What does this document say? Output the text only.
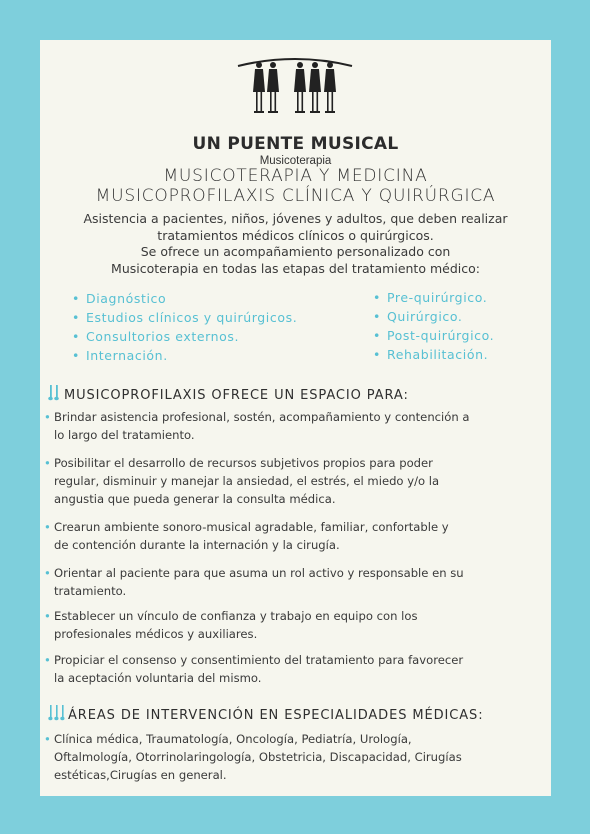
UN PUENTE MUSICAL
Musicoterapia
MUSICOTERAPIA Y MEDICINA
MUSICOPROFILAXIS CLÍNICA Y QUIRÚRGICA
Asistencia a pacientes, niños, jóvenes y adultos, que deben realizar
tratamientos médicos clínicos o quirúrgicos.
Se ofrece un acompañamiento personalizado con
Musicoterapia en todas las etapas del tratamiento médico:
• Diagnóstico
• Estudios clínicos y quirúrgicos.
• Consultorios externos.
• Internación.
• Pre-quirúrgico.
• Quirúrgico.
• Post-quirúrgico.
• Rehabilitación.
MUSICOPROFILAXIS OFRECE UN ESPACIO PARA:
• Brindar asistencia profesional, sostén, acompañamiento y contención a
lo largo del tratamiento.
• Posibilitar el desarrollo de recursos subjetivos propios para poder
regular, disminuir y manejar la ansiedad, el estrés, el miedo y/o la
angustia que pueda generar la consulta médica.
• Crearun ambiente sonoro-musical agradable, familiar, confortable y
de contención durante la internación y la cirugía.
• Orientar al paciente para que asuma un rol activo y responsable en su
tratamiento.
• Establecer un vínculo de confianza y trabajo en equipo con los
profesionales médicos y auxiliares.
• Propiciar el consenso y consentimiento del tratamiento para favorecer
la aceptación voluntaria del mismo.
ÁREAS DE INTERVENCIÓN EN ESPECIALIDADES MÉDICAS:
• Clínica médica, Traumatología, Oncología, Pediatría, Urología,
Oftalmología, Otorrinolaringología, Obstetricia, Discapacidad, Cirugías
estéticas,Cirugías en general.
